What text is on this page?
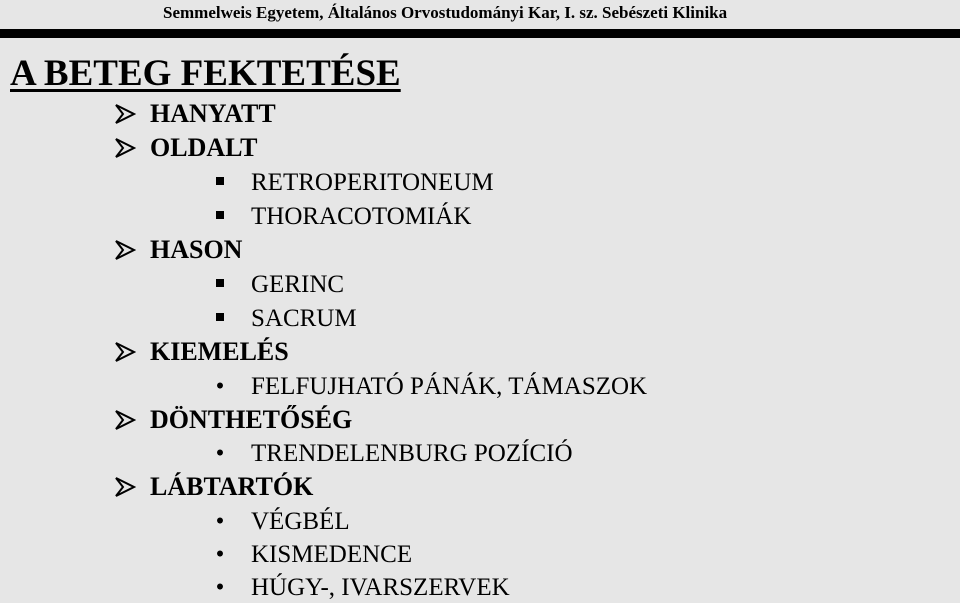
Semmelweis Egyetem, Általános Orvostudományi Kar, I. sz. Sebészeti Klinika
A BETEG FEKTETÉSE
HANYATT
OLDALT
RETROPERITONEUM
THORACOTOMIÁK
HASON
GERINC
SACRUM
KIEMELÉS
• FELFUJHATÓ PÁNÁK, TÁMASZOK
DÖNTHETŐSÉG
• TRENDELENBURG POZÍCIÓ
LÁBTARTÓK
• VÉGBÉL
• KISMEDENCE
• HÚGY-, IVARSZERVEK
